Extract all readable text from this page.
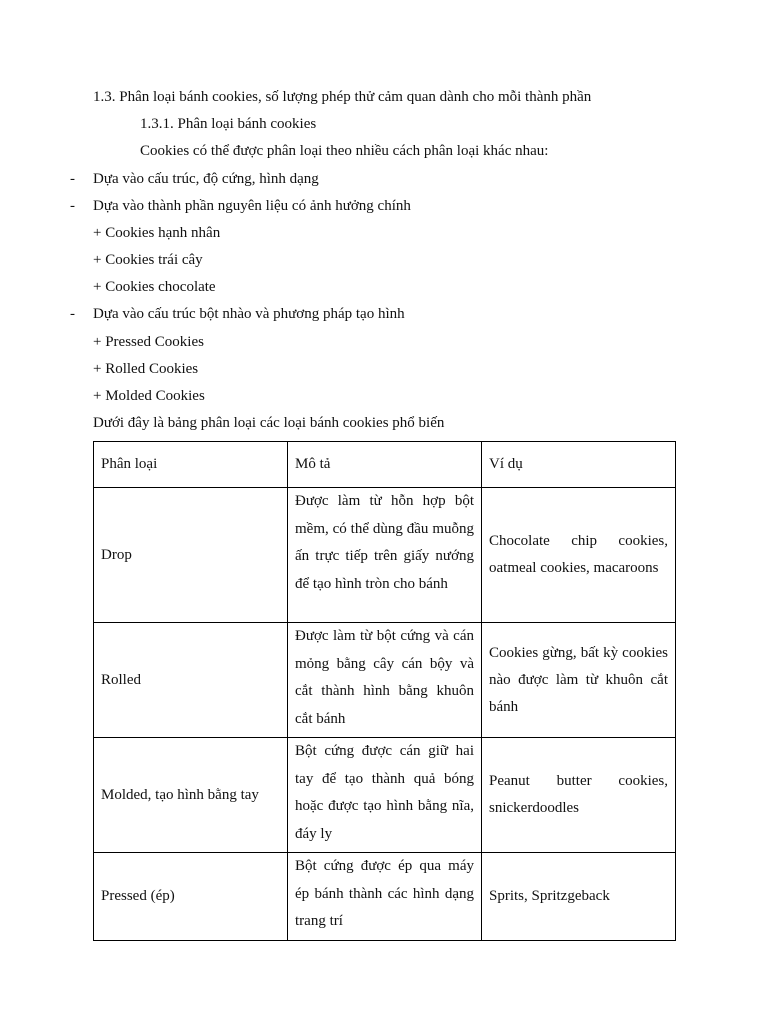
1.3. Phân loại bánh cookies, số lượng phép thử cảm quan dành cho mỗi thành phần
1.3.1. Phân loại bánh cookies
Cookies có thể được phân loại theo nhiều cách phân loại khác nhau:
- Dựa vào cấu trúc, độ cứng, hình dạng
- Dựa vào thành phần nguyên liệu có ảnh hưởng chính
+ Cookies hạnh nhân
+ Cookies trái cây
+ Cookies chocolate
- Dựa vào cấu trúc bột nhào và phương pháp tạo hình
+ Pressed Cookies
+ Rolled Cookies
+ Molded Cookies
Dưới đây là bảng phân loại các loại bánh cookies phổ biến
Phân loại	Mô tả	Ví dụ
Drop	Được làm từ hỗn hợp bột mềm, có thể dùng đầu muỗng ấn trực tiếp trên giấy nướng để tạo hình tròn cho bánh	Chocolate chip cookies, oatmeal cookies, macaroons
Rolled	Được làm từ bột cứng và cán mỏng bằng cây cán bộy và cắt thành hình bằng khuôn cắt bánh	Cookies gừng, bất kỳ cookies nào được làm từ khuôn cắt bánh
Molded, tạo hình bằng tay	Bột cứng được cán giữ hai tay để tạo thành quả bóng hoặc được tạo hình bằng nĩa, đáy ly	Peanut butter cookies, snickerdoodles
Pressed (ép)	Bột cứng được ép qua máy ép bánh thành các hình dạng trang trí	Sprits, Spritzgeback
